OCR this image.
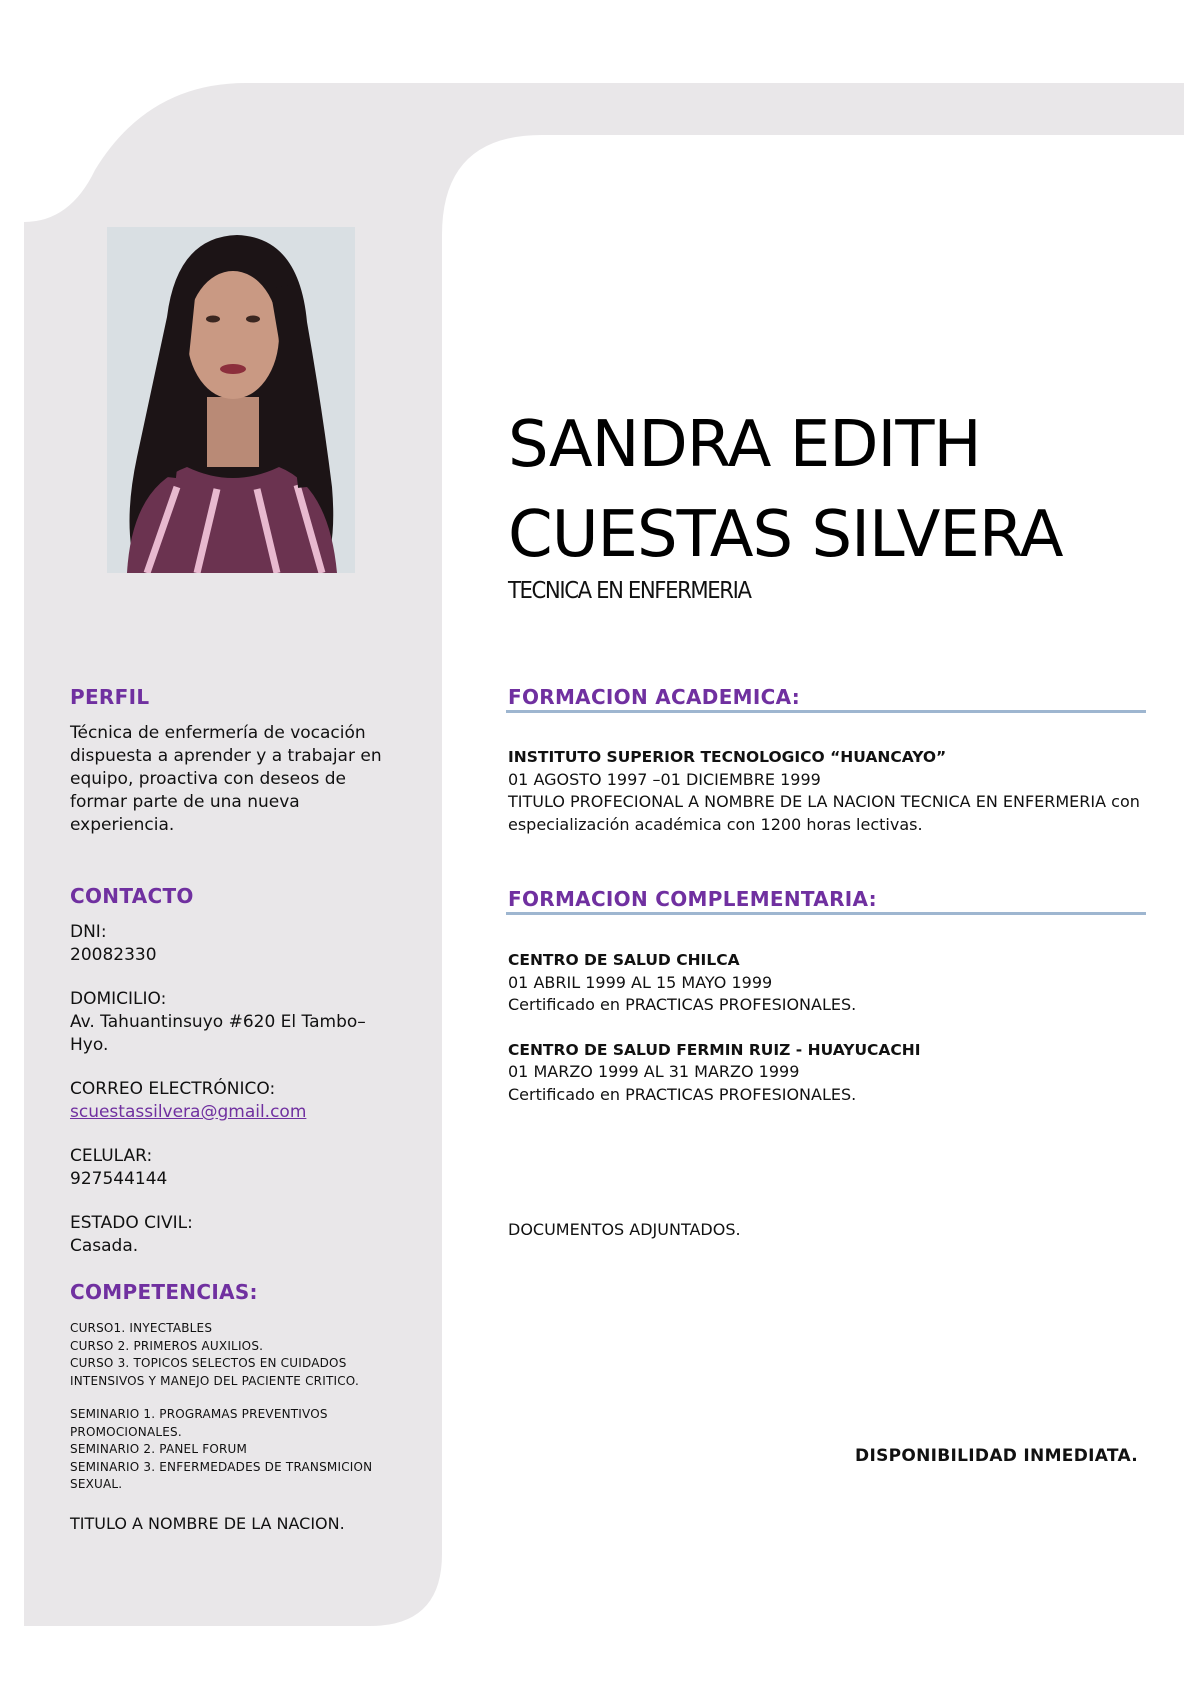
SANDRA EDITH
CUESTAS SILVERA
TECNICA EN ENFERMERIA
PERFIL
Técnica de enfermería de vocación dispuesta a aprender y a trabajar en equipo, proactiva con deseos de formar parte de una nueva experiencia.
CONTACTO
DNI:
20082330
DOMICILIO:
Av. Tahuantinsuyo #620 El Tambo– Hyo.
CORREO ELECTRÓNICO:
scuestassilvera@gmail.com
CELULAR:
927544144
ESTADO CIVIL:
Casada.
COMPETENCIAS:
CURSO1. INYECTABLES
CURSO 2. PRIMEROS AUXILIOS.
CURSO 3. TOPICOS SELECTOS EN CUIDADOS INTENSIVOS Y MANEJO DEL PACIENTE CRITICO.
SEMINARIO 1. PROGRAMAS PREVENTIVOS PROMOCIONALES.
SEMINARIO 2. PANEL FORUM
SEMINARIO 3. ENFERMEDADES DE TRANSMICION SEXUAL.
TITULO A NOMBRE DE LA NACION.
FORMACION ACADEMICA:
INSTITUTO SUPERIOR TECNOLOGICO “HUANCAYO”
01 AGOSTO 1997 –01 DICIEMBRE 1999
TITULO PROFECIONAL A NOMBRE DE LA NACION TECNICA EN ENFERMERIA con especialización académica con 1200 horas lectivas.
FORMACION COMPLEMENTARIA:
CENTRO DE SALUD CHILCA
01 ABRIL 1999 AL 15 MAYO 1999
Certificado en PRACTICAS PROFESIONALES.
CENTRO DE SALUD FERMIN RUIZ - HUAYUCACHI
01 MARZO 1999 AL 31 MARZO 1999
Certificado en PRACTICAS PROFESIONALES.
DOCUMENTOS ADJUNTADOS.
DISPONIBILIDAD INMEDIATA.
